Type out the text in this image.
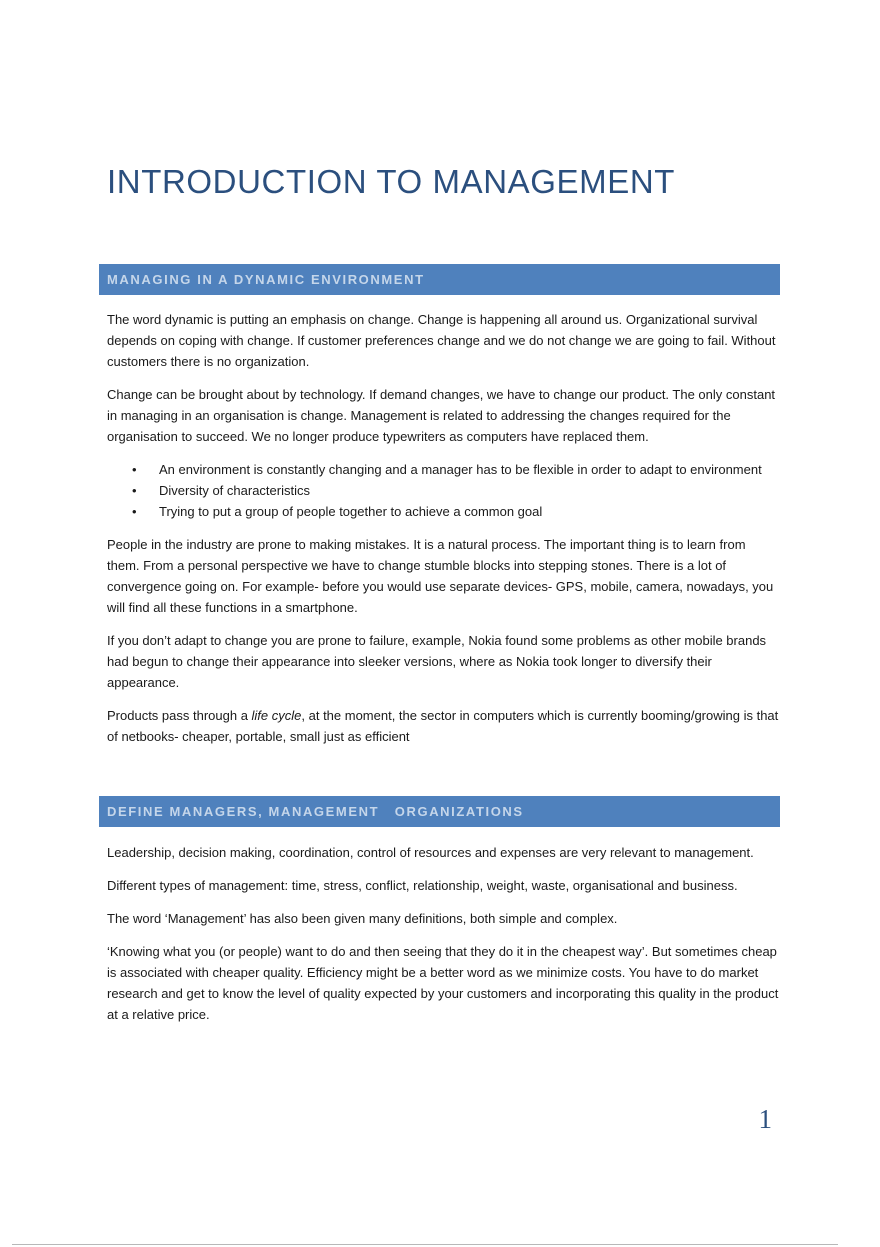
INTRODUCTION TO MANAGEMENT
MANAGING IN A DYNAMIC ENVIRONMENT

The word dynamic is putting an emphasis on change. Change is happening all around us. Organizational survival depends on coping with change. If customer preferences change and we do not change we are going to fail. Without customers there is no organization.

Change can be brought about by technology. If demand changes, we have to change our product. The only constant in managing in an organisation is change. Management is related to addressing the changes required for the organisation to succeed. We no longer produce typewriters as computers have replaced them.

• An environment is constantly changing and a manager has to be flexible in order to adapt to environment
• Diversity of characteristics
• Trying to put a group of people together to achieve a common goal

People in the industry are prone to making mistakes. It is a natural process. The important thing is to learn from them. From a personal perspective we have to change stumble blocks into stepping stones. There is a lot of convergence going on. For example- before you would use separate devices- GPS, mobile, camera, nowadays, you will find all these functions in a smartphone.

If you don’t adapt to change you are prone to failure, example, Nokia found some problems as other mobile brands had begun to change their appearance into sleeker versions, where as Nokia took longer to diversify their appearance.

Products pass through a life cycle, at the moment, the sector in computers which is currently booming/growing is that of netbooks- cheaper, portable, small just as efficient

DEFINE MANAGERS, MANAGEMENT   ORGANIZATIONS

Leadership, decision making, coordination, control of resources and expenses are very relevant to management.

Different types of management: time, stress, conflict, relationship, weight, waste, organisational and business.

The word ‘Management’ has also been given many definitions, both simple and complex.

‘Knowing what you (or people) want to do and then seeing that they do it in the cheapest way’. But sometimes cheap is associated with cheaper quality. Efficiency might be a better word as we minimize costs. You have to do market research and get to know the level of quality expected by your customers and incorporating this quality in the product at a relative price.

1
